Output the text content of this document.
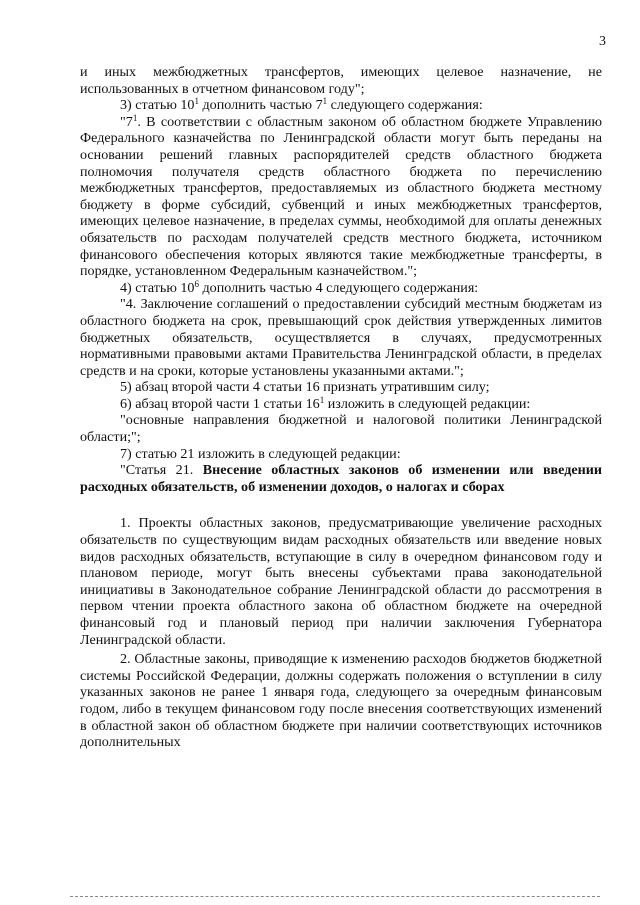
3

и иных межбюджетных трансфертов, имеющих целевое назначение, не использованных в отчетном финансовом году";

3) статью $10^1$ дополнить частью $7^1$ следующего содержания:

"$7^1$. В соответствии с областным законом об областном бюджете Управлению Федерального казначейства по Ленинградской области могут быть переданы на основании решений главных распорядителей средств областного бюджета полномочия получателя средств областного бюджета по перечислению межбюджетных трансфертов, предоставляемых из областного бюджета местному бюджету в форме субсидий, субвенций и иных межбюджетных трансфертов, имеющих целевое назначение, в пределах суммы, необходимой для оплаты денежных обязательств по расходам получателей средств местного бюджета, источником финансового обеспечения которых являются такие межбюджетные трансферты, в порядке, установленном Федеральным казначейством.";

4) статью $10^6$ дополнить частью 4 следующего содержания:

"4. Заключение соглашений о предоставлении субсидий местным бюджетам из областного бюджета на срок, превышающий срок действия утвержденных лимитов бюджетных обязательств, осуществляется в случаях, предусмотренных нормативными правовыми актами Правительства Ленинградской области, в пределах средств и на сроки, которые установлены указанными актами.";

5) абзац второй части 4 статьи 16 признать утратившим силу;

6) абзац второй части 1 статьи $16^1$ изложить в следующей редакции:

"основные направления бюджетной и налоговой политики Ленинградской области;";

7) статью 21 изложить в следующей редакции:

"Статья 21. Внесение областных законов об изменении или введении расходных обязательств, об изменении доходов, о налогах и сборах

1. Проекты областных законов, предусматривающие увеличение расходных обязательств по существующим видам расходных обязательств или введение новых видов расходных обязательств, вступающие в силу в очередном финансовом году и плановом периоде, могут быть внесены субъектами права законодательной инициативы в Законодательное собрание Ленинградской области до рассмотрения в первом чтении проекта областного закона об областном бюджете на очередной финансовый год и плановый период при наличии заключения Губернатора Ленинградской области.

2. Областные законы, приводящие к изменению расходов бюджетов бюджетной системы Российской Федерации, должны содержать положения о вступлении в силу указанных законов не ранее 1 января года, следующего за очередным финансовым годом, либо в текущем финансовом году после внесения соответствующих изменений в областной закон об областном бюджете при наличии соответствующих источников дополнительных
